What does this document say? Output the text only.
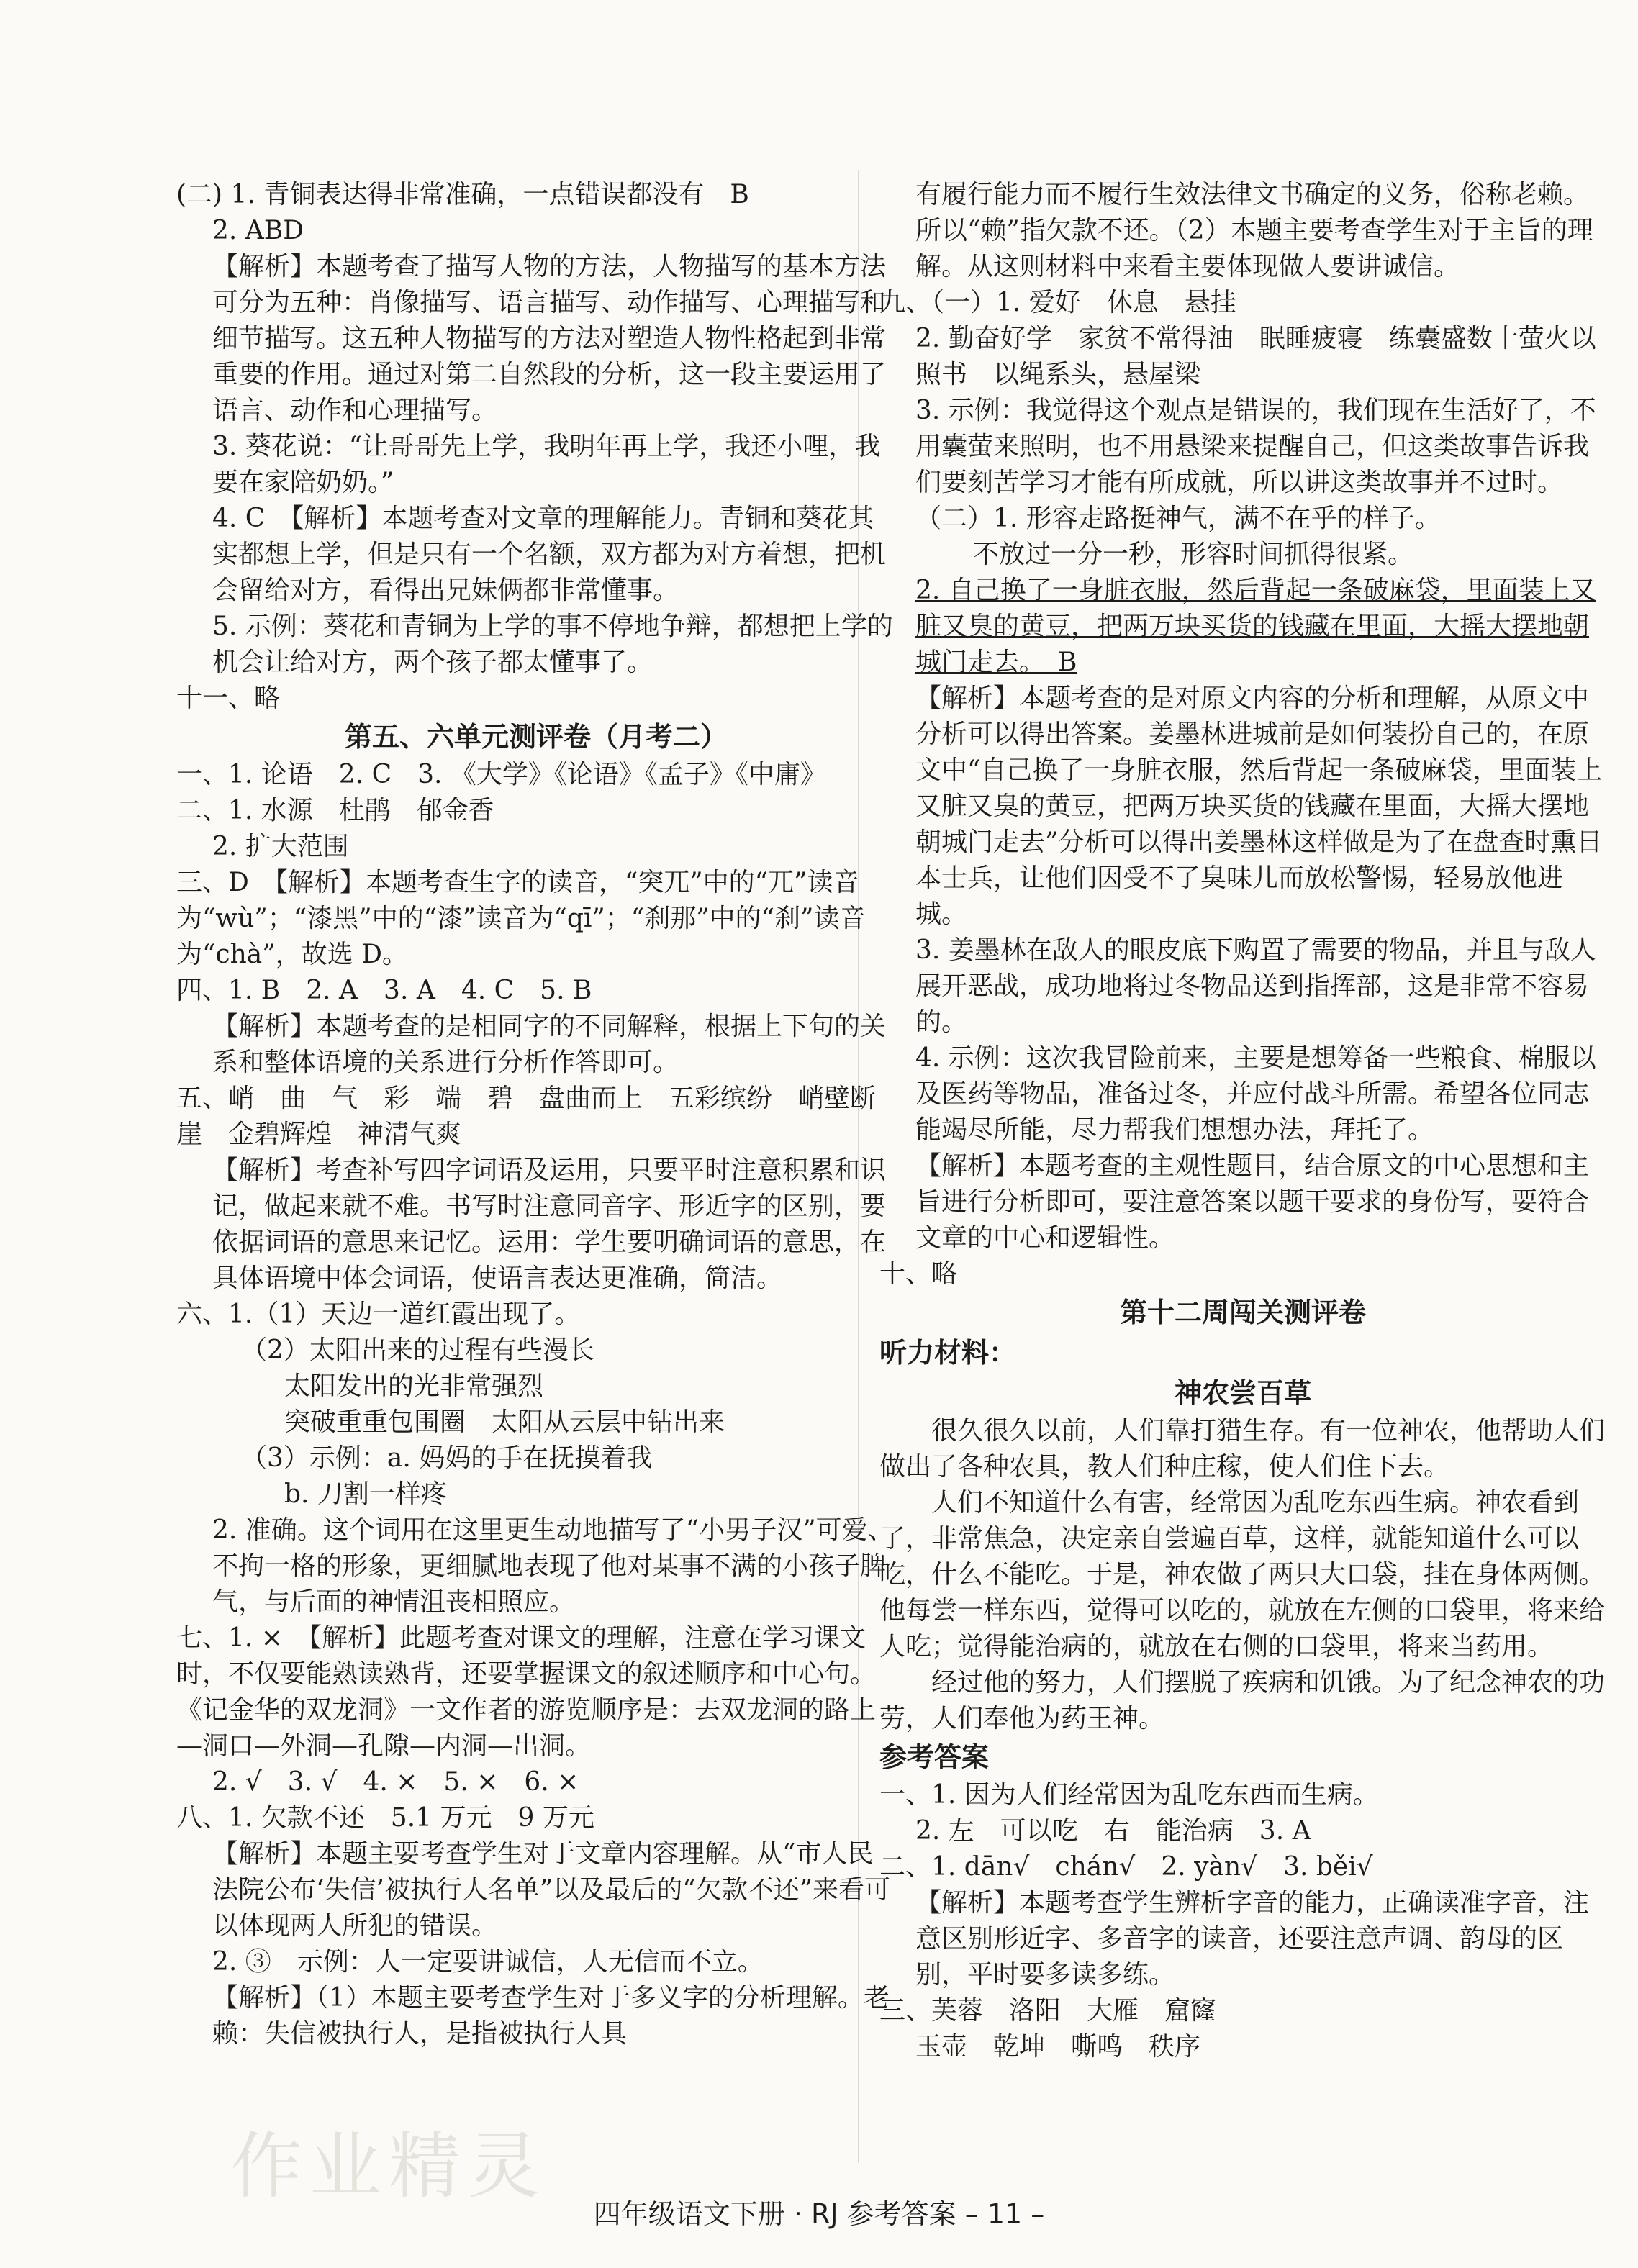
(二) 1. 青铜表达得非常准确，一点错误都没有　B
2. ABD
【解析】本题考查了描写人物的方法，人物描写的基本方法可分为五种：肖像描写、语言描写、动作描写、心理描写和细节描写。这五种人物描写的方法对塑造人物性格起到非常重要的作用。通过对第二自然段的分析，这一段主要运用了语言、动作和心理描写。
3. 葵花说：“让哥哥先上学，我明年再上学，我还小哩，我要在家陪奶奶。”
4. C　【解析】本题考查对文章的理解能力。青铜和葵花其实都想上学，但是只有一个名额，双方都为对方着想，把机会留给对方，看得出兄妹俩都非常懂事。
5. 示例：葵花和青铜为上学的事不停地争辩，都想把上学的机会让给对方，两个孩子都太懂事了。
十一、略
第五、六单元测评卷（月考二）
一、1. 论语　2. C　3. 《大学》《论语》《孟子》《中庸》
二、1. 水源　杜鹃　郁金香
2. 扩大范围
三、D　【解析】本题考查生字的读音，“突兀”中的“兀”读音为“wù”；“漆黑”中的“漆”读音为“qī”；“刹那”中的“刹”读音为“chà”，故选 D。
四、1. B　2. A　3. A　4. C　5. B
【解析】本题考查的是相同字的不同解释，根据上下句的关系和整体语境的关系进行分析作答即可。
五、峭　曲　气　彩　端　碧　盘曲而上　五彩缤纷　峭壁断崖　金碧辉煌　神清气爽
【解析】考查补写四字词语及运用，只要平时注意积累和识记，做起来就不难。书写时注意同音字、形近字的区别，要依据词语的意思来记忆。运用：学生要明确词语的意思，在具体语境中体会词语，使语言表达更准确，简洁。
六、1.（1）天边一道红霞出现了。
（2）太阳出来的过程有些漫长
太阳发出的光非常强烈
突破重重包围圈　太阳从云层中钻出来
（3）示例：a. 妈妈的手在抚摸着我
b. 刀割一样疼
2. 准确。这个词用在这里更生动地描写了“小男子汉”可爱、不拘一格的形象，更细腻地表现了他对某事不满的小孩子脾气，与后面的神情沮丧相照应。
七、1. ×　【解析】此题考查对课文的理解，注意在学习课文时，不仅要能熟读熟背，还要掌握课文的叙述顺序和中心句。《记金华的双龙洞》一文作者的游览顺序是：去双龙洞的路上—洞口—外洞—孔隙—内洞—出洞。
2. √　3. √　4. ×　5. ×　6. ×
八、1. 欠款不还　5.1 万元　9 万元
【解析】本题主要考查学生对于文章内容理解。从“市人民法院公布‘失信’被执行人名单”以及最后的“欠款不还”来看可以体现两人所犯的错误。
2. ③　示例：人一定要讲诚信，人无信而不立。
【解析】（1）本题主要考查学生对于多义字的分析理解。老赖：失信被执行人，是指被执行人具
有履行能力而不履行生效法律文书确定的义务，俗称老赖。所以“赖”指欠款不还。（2）本题主要考查学生对于主旨的理解。从这则材料中来看主要体现做人要讲诚信。
九、（一）1. 爱好　休息　悬挂
2. 勤奋好学　家贫不常得油　眠睡疲寝　练囊盛数十萤火以照书　以绳系头，悬屋梁
3. 示例：我觉得这个观点是错误的，我们现在生活好了，不用囊萤来照明，也不用悬梁来提醒自己，但这类故事告诉我们要刻苦学习才能有所成就，所以讲这类故事并不过时。
（二）1. 形容走路挺神气，满不在乎的样子。
不放过一分一秒，形容时间抓得很紧。
2. 自己换了一身脏衣服，然后背起一条破麻袋，里面装上又脏又臭的黄豆，把两万块买货的钱藏在里面，大摇大摆地朝城门走去。　B
【解析】本题考查的是对原文内容的分析和理解，从原文中分析可以得出答案。姜墨林进城前是如何装扮自己的，在原文中“自己换了一身脏衣服，然后背起一条破麻袋，里面装上又脏又臭的黄豆，把两万块买货的钱藏在里面，大摇大摆地朝城门走去”分析可以得出姜墨林这样做是为了在盘查时熏日本士兵，让他们因受不了臭味儿而放松警惕，轻易放他进城。
3. 姜墨林在敌人的眼皮底下购置了需要的物品，并且与敌人展开恶战，成功地将过冬物品送到指挥部，这是非常不容易的。
4. 示例：这次我冒险前来，主要是想筹备一些粮食、棉服以及医药等物品，准备过冬，并应付战斗所需。希望各位同志能竭尽所能，尽力帮我们想想办法，拜托了。
【解析】本题考查的主观性题目，结合原文的中心思想和主旨进行分析即可，要注意答案以题干要求的身份写，要符合文章的中心和逻辑性。
十、略
第十二周闯关测评卷
听力材料：
神农尝百草
很久很久以前，人们靠打猎生存。有一位神农，他帮助人们做出了各种农具，教人们种庄稼，使人们住下去。
人们不知道什么有害，经常因为乱吃东西生病。神农看到了，非常焦急，决定亲自尝遍百草，这样，就能知道什么可以吃，什么不能吃。于是，神农做了两只大口袋，挂在身体两侧。他每尝一样东西，觉得可以吃的，就放在左侧的口袋里，将来给人吃；觉得能治病的，就放在右侧的口袋里，将来当药用。
经过他的努力，人们摆脱了疾病和饥饿。为了纪念神农的功劳，人们奉他为药王神。
参考答案
一、1. 因为人们经常因为乱吃东西而生病。
2. 左　可以吃　右　能治病　3. A
二、1. dān√　chán√　2. yàn√　3. běi√
【解析】本题考查学生辨析字音的能力，正确读准字音，注意区别形近字、多音字的读音，还要注意声调、韵母的区别，平时要多读多练。
三、芙蓉　洛阳　大雁　窟窿
玉壶　乾坤　嘶鸣　秩序
作业精灵
四年级语文下册 · RJ 参考答案 – 11 –
